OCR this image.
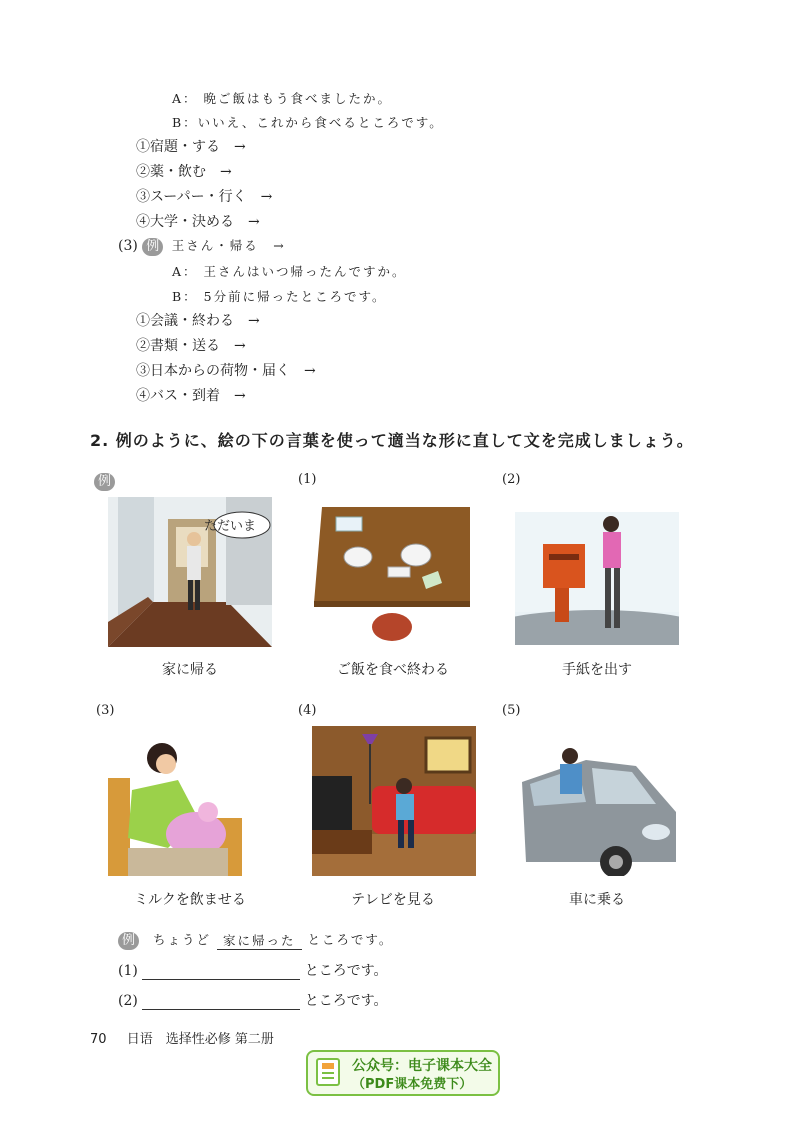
A： 晩ご飯はもう食べましたか。
B：いいえ、これから食べるところです。
①宿題・する　→
②薬・飲む　→
③スーパー・行く　→
④大学・決める　→
(3) 例 王さん・帰る　→
A： 王さんはいつ帰ったんですか。
B： 5分前に帰ったところです。
①会議・終わる　→
②書類・送る　→
③日本からの荷物・届く　→
④バス・到着　→
2. 例のように、絵の下の言葉を使って適当な形に直して文を完成しましょう。
例	(1)	(2)
ただいま
家に帰る	ご飯を食べ終わる	手紙を出す
(3)	(4)	(5)
ミルクを飲ませる	テレビを見る	車に乗る
例 ちょうど 家に帰った ところです。
(1)	ところです。
(2)	ところです。
70 日语　选择性必修 第二册
公众号：电子课本大全
（PDF课本免费下）
